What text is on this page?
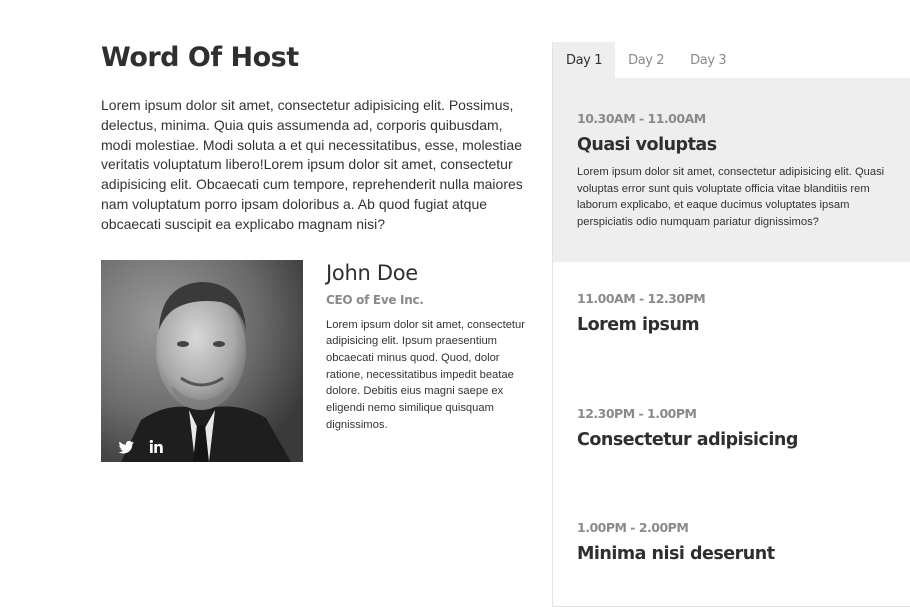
Word Of Host

Lorem ipsum dolor sit amet, consectetur adipisicing elit. Possimus, delectus, minima. Quia quis assumenda ad, corporis quibusdam, modi molestiae. Modi soluta a et qui necessitatibus, esse, molestiae veritatis voluptatum libero!Lorem ipsum dolor sit amet, consectetur adipisicing elit. Obcaecati cum tempore, reprehenderit nulla maiores nam voluptatum porro ipsam doloribus a. Ab quod fugiat atque obcaecati suscipit ea explicabo magnam nisi?

John Doe
CEO of Eve Inc.
Lorem ipsum dolor sit amet, consectetur adipisicing elit. Ipsum praesentium obcaecati minus quod. Quod, dolor ratione, necessitatibus impedit beatae dolore. Debitis eius magni saepe ex eligendi nemo similique quisquam dignissimos.
Day 1	Day 2	Day 3
10.30AM - 11.00AM
Quasi voluptas
Lorem ipsum dolor sit amet, consectetur adipisicing elit. Quasi voluptas error sunt quis voluptate officia vitae blanditiis rem laborum explicabo, et eaque ducimus voluptates ipsam perspiciatis odio numquam pariatur dignissimos?
11.00AM - 12.30PM
Lorem ipsum
12.30PM - 1.00PM
Consectetur adipisicing
1.00PM - 2.00PM
Minima nisi deserunt
